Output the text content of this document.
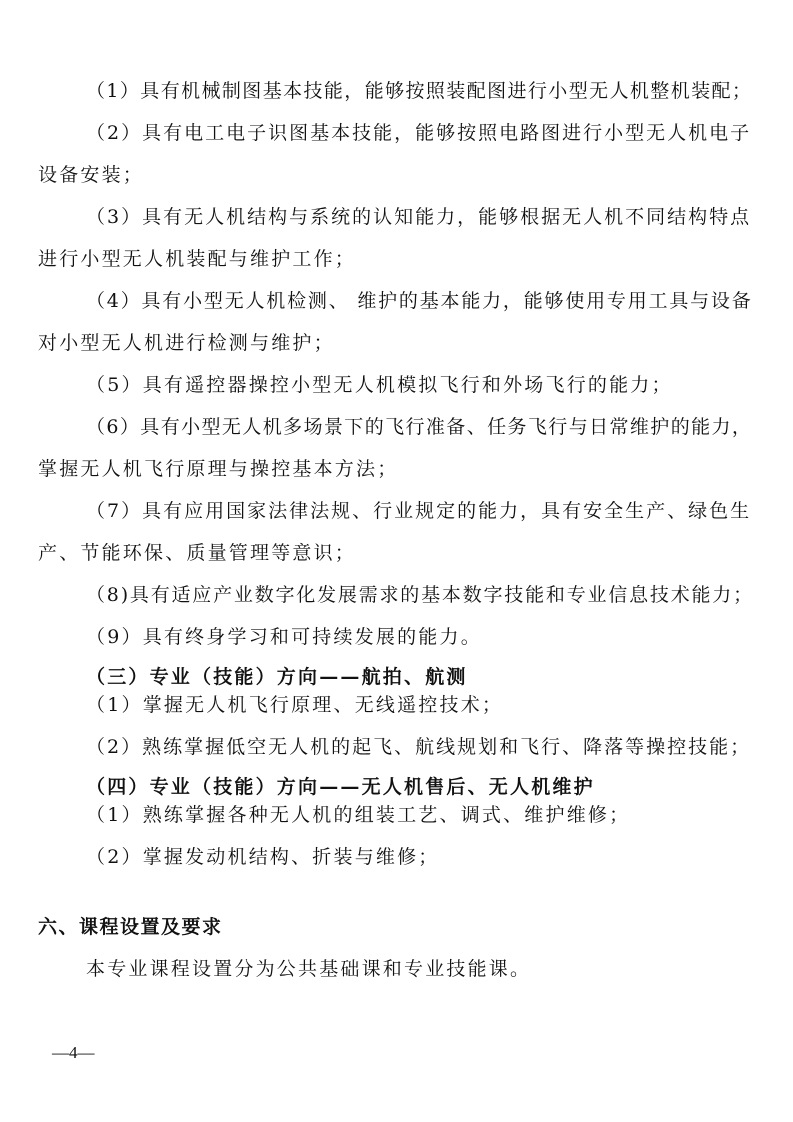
（1）具有机械制图基本技能，能够按照装配图进行小型无人机整机装配；
（2）具有电工电子识图基本技能，能够按照电路图进行小型无人机电子
设备安装；
（3）具有无人机结构与系统的认知能力，能够根据无人机不同结构特点
进行小型无人机装配与维护工作；
（4）具有小型无人机检测、 维护的基本能力，能够使用专用工具与设备
对小型无人机进行检测与维护；
（5）具有遥控器操控小型无人机模拟飞行和外场飞行的能力；
（6）具有小型无人机多场景下的飞行准备、任务飞行与日常维护的能力，
掌握无人机飞行原理与操控基本方法；
（7）具有应用国家法律法规、行业规定的能力，具有安全生产、绿色生
产、节能环保、质量管理等意识；
（8)具有适应产业数字化发展需求的基本数字技能和专业信息技术能力；
（9）具有终身学习和可持续发展的能力。
（三）专业（技能）方向——航拍、航测
（1）掌握无人机飞行原理、无线遥控技术；
（2）熟练掌握低空无人机的起飞、航线规划和飞行、降落等操控技能；
（四）专业（技能）方向——无人机售后、无人机维护
（1）熟练掌握各种无人机的组装工艺、调式、维护维修；
（2）掌握发动机结构、折装与维修；
六、课程设置及要求
本专业课程设置分为公共基础课和专业技能课。
—4—
